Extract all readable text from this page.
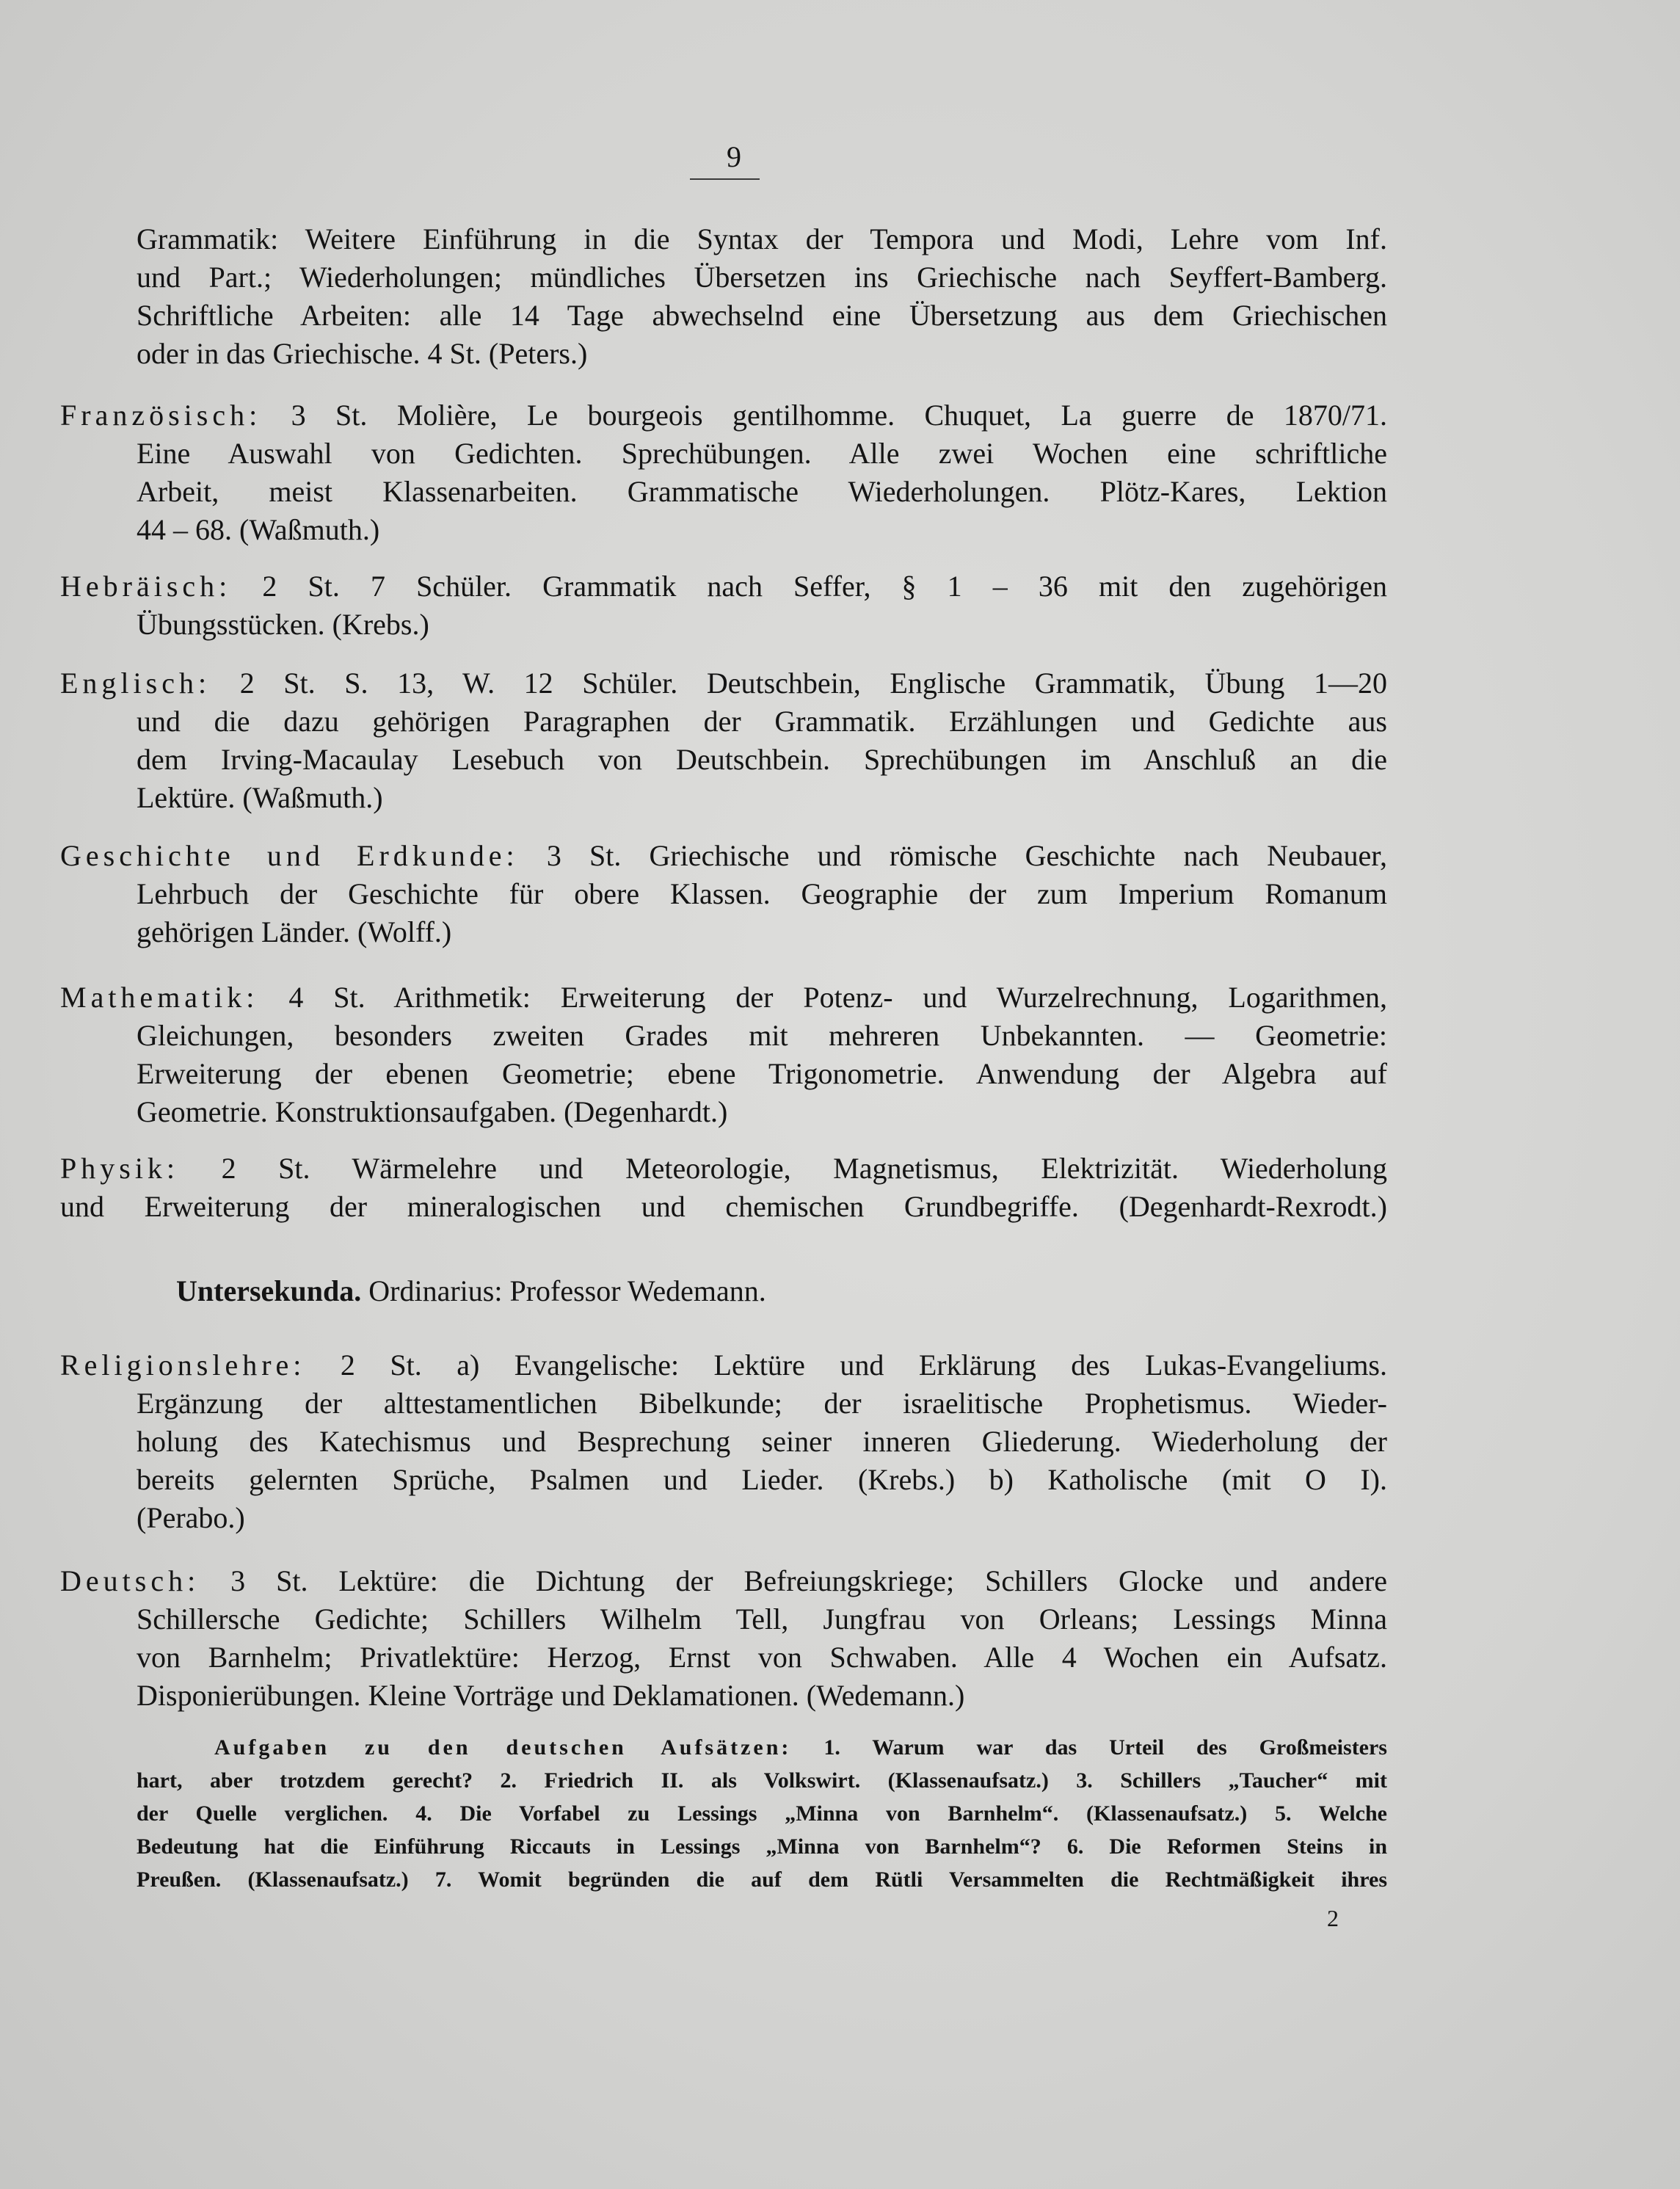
9
Grammatik: Weitere Einführung in die Syntax der Tempora und Modi, Lehre vom Inf.
und Part.; Wiederholungen; mündliches Übersetzen ins Griechische nach Seyffert-Bamberg.
Schriftliche Arbeiten: alle 14 Tage abwechselnd eine Übersetzung aus dem Griechischen
oder in das Griechische. 4 St. (Peters.)
Französisch: 3 St. Molière, Le bourgeois gentilhomme. Chuquet, La guerre de 1870/71.
Eine Auswahl von Gedichten. Sprechübungen. Alle zwei Wochen eine schriftliche
Arbeit, meist Klassenarbeiten. Grammatische Wiederholungen. Plötz-Kares, Lektion
44 – 68. (Waßmuth.)
Hebräisch: 2 St. 7 Schüler. Grammatik nach Seffer, § 1 – 36 mit den zugehörigen
Übungsstücken. (Krebs.)
Englisch: 2 St. S. 13, W. 12 Schüler. Deutschbein, Englische Grammatik, Übung 1—20
und die dazu gehörigen Paragraphen der Grammatik. Erzählungen und Gedichte aus
dem Irving-Macaulay Lesebuch von Deutschbein. Sprechübungen im Anschluß an die
Lektüre. (Waßmuth.)
Geschichte und Erdkunde: 3 St. Griechische und römische Geschichte nach Neubauer,
Lehrbuch der Geschichte für obere Klassen. Geographie der zum Imperium Romanum
gehörigen Länder. (Wolff.)
Mathematik: 4 St. Arithmetik: Erweiterung der Potenz- und Wurzelrechnung, Logarithmen,
Gleichungen, besonders zweiten Grades mit mehreren Unbekannten. — Geometrie:
Erweiterung der ebenen Geometrie; ebene Trigonometrie. Anwendung der Algebra auf
Geometrie. Konstruktionsaufgaben. (Degenhardt.)
Physik: 2 St. Wärmelehre und Meteorologie, Magnetismus, Elektrizität. Wiederholung
und Erweiterung der mineralogischen und chemischen Grundbegriffe. (Degenhardt-Rexrodt.)
Untersekunda. Ordinarius: Professor Wedemann.
Religionslehre: 2 St. a) Evangelische: Lektüre und Erklärung des Lukas-Evangeliums.
Ergänzung der alttestamentlichen Bibelkunde; der israelitische Prophetismus. Wieder-
holung des Katechismus und Besprechung seiner inneren Gliederung. Wiederholung der
bereits gelernten Sprüche, Psalmen und Lieder. (Krebs.) b) Katholische (mit O I).
(Perabo.)
Deutsch: 3 St. Lektüre: die Dichtung der Befreiungskriege; Schillers Glocke und andere
Schillersche Gedichte; Schillers Wilhelm Tell, Jungfrau von Orleans; Lessings Minna
von Barnhelm; Privatlektüre: Herzog, Ernst von Schwaben. Alle 4 Wochen ein Aufsatz.
Disponierübungen. Kleine Vorträge und Deklamationen. (Wedemann.)
Aufgaben zu den deutschen Aufsätzen: 1. Warum war das Urteil des Großmeisters
hart, aber trotzdem gerecht? 2. Friedrich II. als Volkswirt. (Klassenaufsatz.) 3. Schillers „Taucher“ mit
der Quelle verglichen. 4. Die Vorfabel zu Lessings „Minna von Barnhelm“. (Klassenaufsatz.) 5. Welche
Bedeutung hat die Einführung Riccauts in Lessings „Minna von Barnhelm“? 6. Die Reformen Steins in
Preußen. (Klassenaufsatz.) 7. Womit begründen die auf dem Rütli Versammelten die Rechtmäßigkeit ihres
2
